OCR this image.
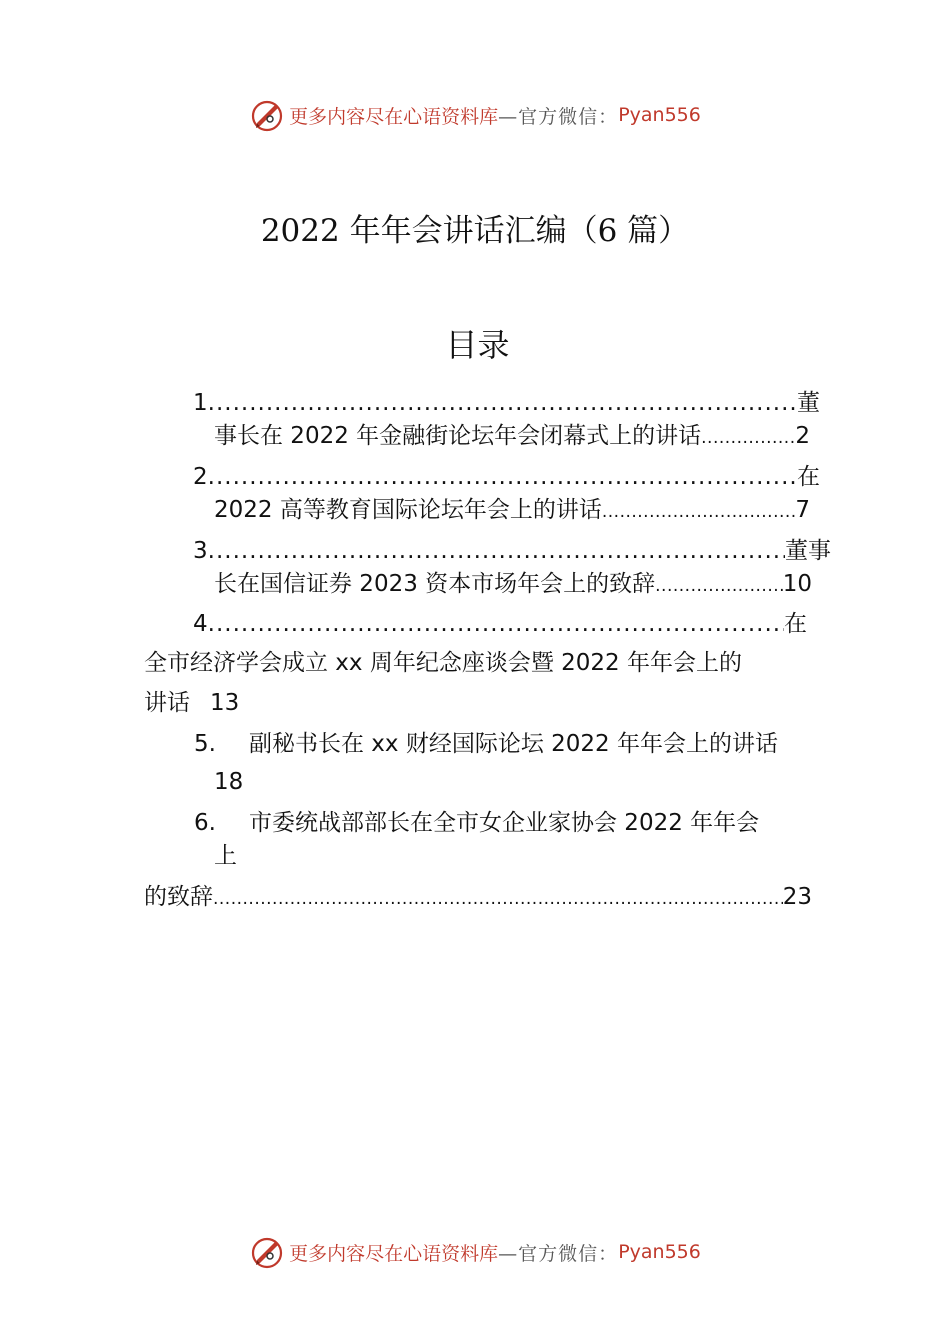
更多内容尽在心语资料库 —官方微信： Pyan556
2022 年年会讲话汇编（6 篇）
目录
1 .....	董
事长在 2022 年金融街论坛年会闭幕式上的讲话 .....	2
2 .....	在
2022 高等教育国际论坛年会上的讲话 .....	7
3 .....	董事
长在国信证券 2023 资本市场年会上的致辞 .....	10
4 .....	在
全市经济学会成立 xx 周年纪念座谈会暨 2022 年年会上的
讲话 13
5.	副秘书长在 xx 财经国际论坛 2022 年年会上的讲话
18
6.	市委统战部部长在全市女企业家协会 2022 年年会
上
的致辞 .....	23
更多内容尽在心语资料库 —官方微信： Pyan556
